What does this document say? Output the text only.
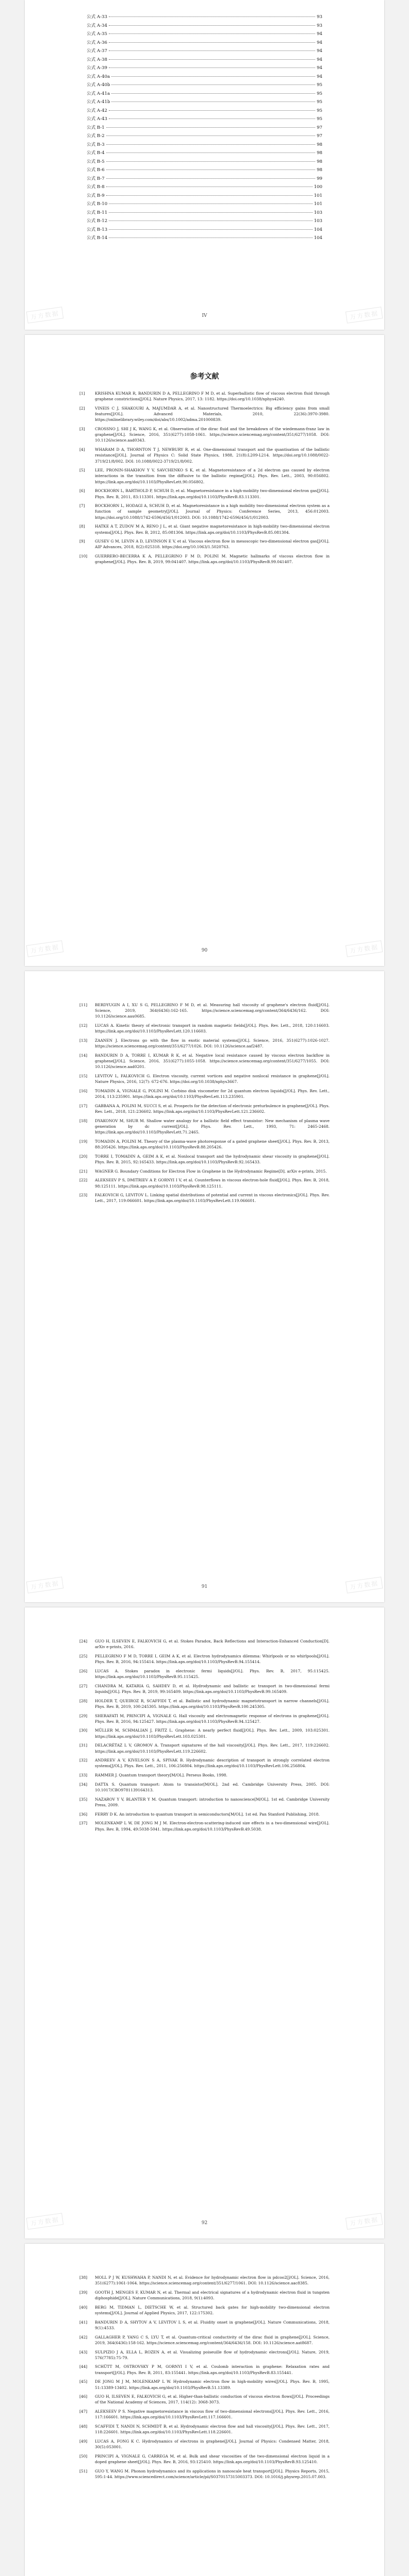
公式 A-33	93
公式 A-34	93
公式 A-35	94
公式 A-36	94
公式 A-37	94
公式 A-38	94
公式 A-39	94
公式 A-40a	94
公式 A-40b	95
公式 A-41a	95
公式 A-41b	95
公式 A-42	95
公式 A-43	95
公式 B-1	97
公式 B-2	97
公式 B-3	98
公式 B-4	98
公式 B-5	98
公式 B-6	98
公式 B-7	99
公式 B-8	100
公式 B-9	101
公式 B-10	101
公式 B-11	103
公式 B-12	103
公式 B-13	104
公式 B-14	104
IV
万方数据	万方数据
参考文献
[1]	KRISHNA KUMAR R, BANDURIN D A, PELLEGRINO F M D, et al. Superballistic flow of viscous electron fluid through graphene constrictions[J/OL]. Nature Physics, 2017, 13: 1182. https://doi.org/10.1038/nphys4240.
[2]	VINEIS C J, SHAKOURI A, MAJUMDAR A, et al. Nanostructured Thermoelectrics: Big efficiency gains from small features[J/OL]. Advanced Materials, 2010, 22(36):3970-3980. https://onlinelibrary.wiley.com/doi/abs/10.1002/adma.201000839.
[3]	CROSSNO J, SHI J K, WANG K, et al. Observation of the dirac fluid and the breakdown of the wiedemann-franz law in graphene[J/OL]. Science, 2016, 351(6277):1058-1061. https://science.sciencemag.org/content/351/6277/1058. DOI: 10.1126/science.aad0343.
[4]	WHARAM D A, THORNTON T J, NEWBURY R, et al. One-dimensional transport and the quantisation of the ballistic resistance[J/OL]. Journal of Physics C: Solid State Physics, 1988, 21(8):L209-L214. https://doi.org/10.1088/0022-3719/21/8/002. DOI: 10.1088/0022-3719/21/8/002.
[5]	LEE, PRONIN-SHAKHOV Y V, SAVCHENKO S K, et al. Magnetoresistance of a 2d electron gas caused by electron interactions in the transition from the diffusive to the ballistic regime[J/OL]. Phys. Rev. Lett., 2003, 90:056802. https://link.aps.org/doi/10.1103/PhysRevLett.90.056802.
[6]	BOCKHORN L, BARTHOLD P, SCHUH D, et al. Magnetoresistance in a high-mobility two-dimensional electron gas[J/OL]. Phys. Rev. B, 2011, 83:113301. https://link.aps.org/doi/10.1103/PhysRevB.83.113301.
[7]	BOCKHORN L, HODAGI A, SCHUH D, et al. Magnetoresistance in a high mobility two-dimensional electron system as a function of sample geometry[J/OL]. Journal of Physics: Conference Series, 2013, 456:012003. https://doi.org/10.1088/1742-6596/456/1/012003. DOI: 10.1088/1742-6596/456/1/012003.
[8]	HATKE A T, ZUDOV M A, RENO J L, et al. Giant negative magnetoresistance in high-mobility two-dimensional electron systems[J/OL]. Phys. Rev. B, 2012, 85:081304. https://link.aps.org/doi/10.1103/PhysRevB.85.081304.
[9]	GUSEV G M, LEVIN A D, LEVINSON E V, et al. Viscous electron flow in mesoscopic two-dimensional electron gas[J/OL]. AIP Advances, 2018, 8(2):025318. https://doi.org/10.1063/1.5020763.
[10]	GUERRERO-BECERRA K A, PELLEGRINO F M D, POLINI M. Magnetic hallmarks of viscous electron flow in graphene[J/OL]. Phys. Rev. B, 2019, 99:041407. https://link.aps.org/doi/10.1103/PhysRevB.99.041407.
90
万方数据	万方数据
[11]	BERDYUGIN A I, XU S G, PELLEGRINO F M D, et al. Measuring hall viscosity of graphene's electron fluid[J/OL]. Science, 2019, 364(6436):162-165. https://science.sciencemag.org/content/364/6436/162. DOI: 10.1126/science.aau0685.
[12]	LUCAS A. Kinetic theory of electronic transport in random magnetic fields[J/OL]. Phys. Rev. Lett., 2018, 120:116603. https://link.aps.org/doi/10.1103/PhysRevLett.120.116603.
[13]	ZAANEN J. Electrons go with the flow in exotic material systems[J/OL]. Science, 2016, 351(6277):1026-1027. https://science.sciencemag.org/content/351/6277/1026. DOI: 10.1126/science.aaf2487.
[14]	BANDURIN D A, TORRE I, KUMAR R K, et al. Negative local resistance caused by viscous electron backflow in graphene[J/OL]. Science, 2016, 351(6277):1055-1058. https://science.sciencemag.org/content/351/6277/1055. DOI: 10.1126/science.aad0201.
[15]	LEVITOV L, FALKOVICH G. Electron viscosity, current vortices and negative nonlocal resistance in graphene[J/OL]. Nature Physics, 2016, 12(7): 672-676. https://doi.org/10.1038/nphys3667.
[16]	TOMADIN A, VIGNALE G, POLINI M. Corbino disk viscometer for 2d quantum electron liquids[J/OL]. Phys. Rev. Lett., 2014, 113:235901. https://link.aps.org/doi/10.1103/PhysRevLett.113.235901.
[17]	GABBANA A, POLINI M, SUCCI S, et al. Prospects for the detection of electronic preturbulence in graphene[J/OL]. Phys. Rev. Lett., 2018, 121:236602. https://link.aps.org/doi/10.1103/PhysRevLett.121.236602.
[18]	DYAKONOV M, SHUR M. Shallow water analogy for a ballistic field effect transistor: New mechanism of plasma wave generation by dc current[J/OL]. Phys. Rev. Lett., 1993, 71: 2465-2468. https://link.aps.org/doi/10.1103/PhysRevLett.71.2465.
[19]	TOMADIN A, POLINI M. Theory of the plasma-wave photoresponse of a gated graphene sheet[J/OL]. Phys. Rev. B, 2013, 88:205426. https://link.aps.org/doi/10.1103/PhysRevB.88.205426.
[20]	TORRE I, TOMADIN A, GEIM A K, et al. Nonlocal transport and the hydrodynamic shear viscosity in graphene[J/OL]. Phys. Rev. B, 2015, 92:165433. https://link.aps.org/doi/10.1103/PhysRevB.92.165433.
[21]	WAGNER G. Boundary Conditions for Electron Flow in Graphene in the Hydrodynamic Regime[D]. arXiv e-prints, 2015.
[22]	ALEKSEEV P S, DMITRIEV A P, GORNYI I V, et al. Counterflows in viscous electron-hole fluid[J/OL]. Phys. Rev. B, 2018, 98:125111. https://link.aps.org/doi/10.1103/PhysRevB.98.125111.
[23]	FALKOVICH G, LEVITOV L. Linking spatial distributions of potential and current in viscous electronics[J/OL]. Phys. Rev. Lett., 2017, 119:066601. https://link.aps.org/doi/10.1103/PhysRevLett.119.066601.
91
万方数据	万方数据
[24]	GUO H, ILSEVEN E, FALKOVICH G, et al. Stokes Paradox, Back Reflections and Interaction-Enhanced Conduction[D]. arXiv e-prints, 2016.
[25]	PELLEGRINO F M D, TORRE I, GEIM A K, et al. Electron hydrodynamics dilemma: Whirlpools or no whirlpools[J/OL]. Phys. Rev. B, 2016, 94:155414. https://link.aps.org/doi/10.1103/PhysRevB.94.155414.
[26]	LUCAS A. Stokes paradox in electronic fermi liquids[J/OL]. Phys. Rev. B, 2017, 95:115425. https://link.aps.org/doi/10.1103/PhysRevB.95.115425.
[27]	CHANDRA M, KATARIA G, SAHDEV D, et al. Hydrodynamic and ballistic ac transport in two-dimensional fermi liquids[J/OL]. Phys. Rev. B, 2019, 99:165409. https://link.aps.org/doi/10.1103/PhysRevB.99.165409.
[28]	HOLDER T, QUEIROZ R, SCAFFIDI T, et al. Ballistic and hydrodynamic magnetotransport in narrow channels[J/OL]. Phys. Rev. B, 2019, 100:245305. https://link.aps.org/doi/10.1103/PhysRevB.100.245305.
[29]	SHERAFATI M, PRINCIPI A, VIGNALE G. Hall viscosity and electromagnetic response of electrons in graphene[J/OL]. Phys. Rev. B, 2016, 94:125427. https://link.aps.org/doi/10.1103/PhysRevB.94.125427.
[30]	MÜLLER M, SCHMALIAN J, FRITZ L. Graphene: A nearly perfect fluid[J/OL]. Phys. Rev. Lett., 2009, 103:025301. https://link.aps.org/doi/10.1103/PhysRevLett.103.025301.
[31]	DELACRÉTAZ L V, GROMOV A. Transport signatures of the hall viscosity[J/OL]. Phys. Rev. Lett., 2017, 119:226602. https://link.aps.org/doi/10.1103/PhysRevLett.119.226602.
[32]	ANDREEV A V, KIVELSON S A, SPIVAK B. Hydrodynamic description of transport in strongly correlated electron systems[J/OL]. Phys. Rev. Lett., 2011, 106:256804. https://link.aps.org/doi/10.1103/PhysRevLett.106.256804.
[33]	RAMMER J. Quantum transport theory[M/OL]. Perseus Books, 1998.
[34]	DATTA S. Quantum transport: Atom to transistor[M/OL]. 2nd ed. Cambridge University Press, 2005. DOI: 10.1017/CBO9781139164313.
[35]	NAZAROV Y V, BLANTER Y M. Quantum transport: introduction to nanoscience[M/OL]. 1st ed. Cambridge University Press, 2009.
[36]	FERRY D K. An introduction to quantum transport in semiconductors[M/OL]. 1st ed. Pan Stanford Publishing, 2018.
[37]	MOLENKAMP L W, DE JONG M J M. Electron-electron-scattering-induced size effects in a two-dimensional wire[J/OL]. Phys. Rev. B, 1994, 49:5038-5041. https://link.aps.org/doi/10.1103/PhysRevB.49.5038.
92
万方数据	万方数据
[38]	MOLL P J W, KUSHWAHA P, NANDI N, et al. Evidence for hydrodynamic electron flow in pdcoo2[J/OL]. Science, 2016, 351(6277):1061-1064. https://science.sciencemag.org/content/351/6277/1061. DOI: 10.1126/science.aac8385.
[39]	GOOTH J, MENGES F, KUMAR N, et al. Thermal and electrical signatures of a hydrodynamic electron fluid in tungsten diphosphide[J/OL]. Nature Communications, 2018, 9(1):4093.
[40]	BERG M, TIDMAN L, DIETSCHE W, et al. Structured back gates for high-mobility two-dimensional electron systems[J/OL]. Journal of Applied Physics, 2017, 122:175302.
[41]	BANDURIN D A, SHYTOV A V, LEVITOV L S, et al. Fluidity onset in graphene[J/OL]. Nature Communications, 2018, 9(1):4533.
[42]	GALLAGHER P, YANG C S, LYU T, et al. Quantum-critical conductivity of the dirac fluid in graphene[J/OL]. Science, 2019, 364(6436):158-162. https://science.sciencemag.org/content/364/6436/158. DOI: 10.1126/science.aat8687.
[43]	SULPIZIO J A, ELLA L, ROZEN A, et al. Visualizing poiseuille flow of hydrodynamic electrons[J/OL]. Nature, 2019, 576(7785):75-79.
[44]	SCHÜTT M, OSTROVSKY P M, GORNYI I V, et al. Coulomb interaction in graphene: Relaxation rates and transport[J/OL]. Phys. Rev. B, 2011, 83:155441. https://link.aps.org/doi/10.1103/PhysRevB.83.155441.
[45]	DE JONG M J M, MOLENKAMP L W. Hydrodynamic electron flow in high-mobility wires[J/OL]. Phys. Rev. B, 1995, 51:13389-13402. https://link.aps.org/doi/10.1103/PhysRevB.51.13389.
[46]	GUO H, ILSEVEN E, FALKOVICH G, et al. Higher-than-ballistic conduction of viscous electron flows[J/OL]. Proceedings of the National Academy of Sciences, 2017, 114(12): 3068-3073.
[47]	ALEKSEEV P S. Negative magnetoresistance in viscous flow of two-dimensional electrons[J/OL]. Phys. Rev. Lett., 2016, 117:166601. https://link.aps.org/doi/10.1103/PhysRevLett.117.166601.
[48]	SCAFFIDI T, NANDI N, SCHMIDT B, et al. Hydrodynamic electron flow and hall viscosity[J/OL]. Phys. Rev. Lett., 2017, 118:226601. https://link.aps.org/doi/10.1103/PhysRevLett.118.226601.
[49]	LUCAS A, FONG K C. Hydrodynamics of electrons in graphene[J/OL]. Journal of Physics: Condensed Matter, 2018, 30(5):053001.
[50]	PRINCIPI A, VIGNALE G, CARREGA M, et al. Bulk and shear viscosities of the two-dimensional electron liquid in a doped graphene sheet[J/OL]. Phys. Rev. B, 2016, 93:125410. https://link.aps.org/doi/10.1103/PhysRevB.93.125410.
[51]	GUO Y, WANG M. Phonon hydrodynamics and its applications in nanoscale heat transport[J/OL]. Physics Reports, 2015, 595:1-44. https://www.sciencedirect.com/science/article/pii/S0370157315003373. DOI: 10.1016/j.physrep.2015.07.003.
